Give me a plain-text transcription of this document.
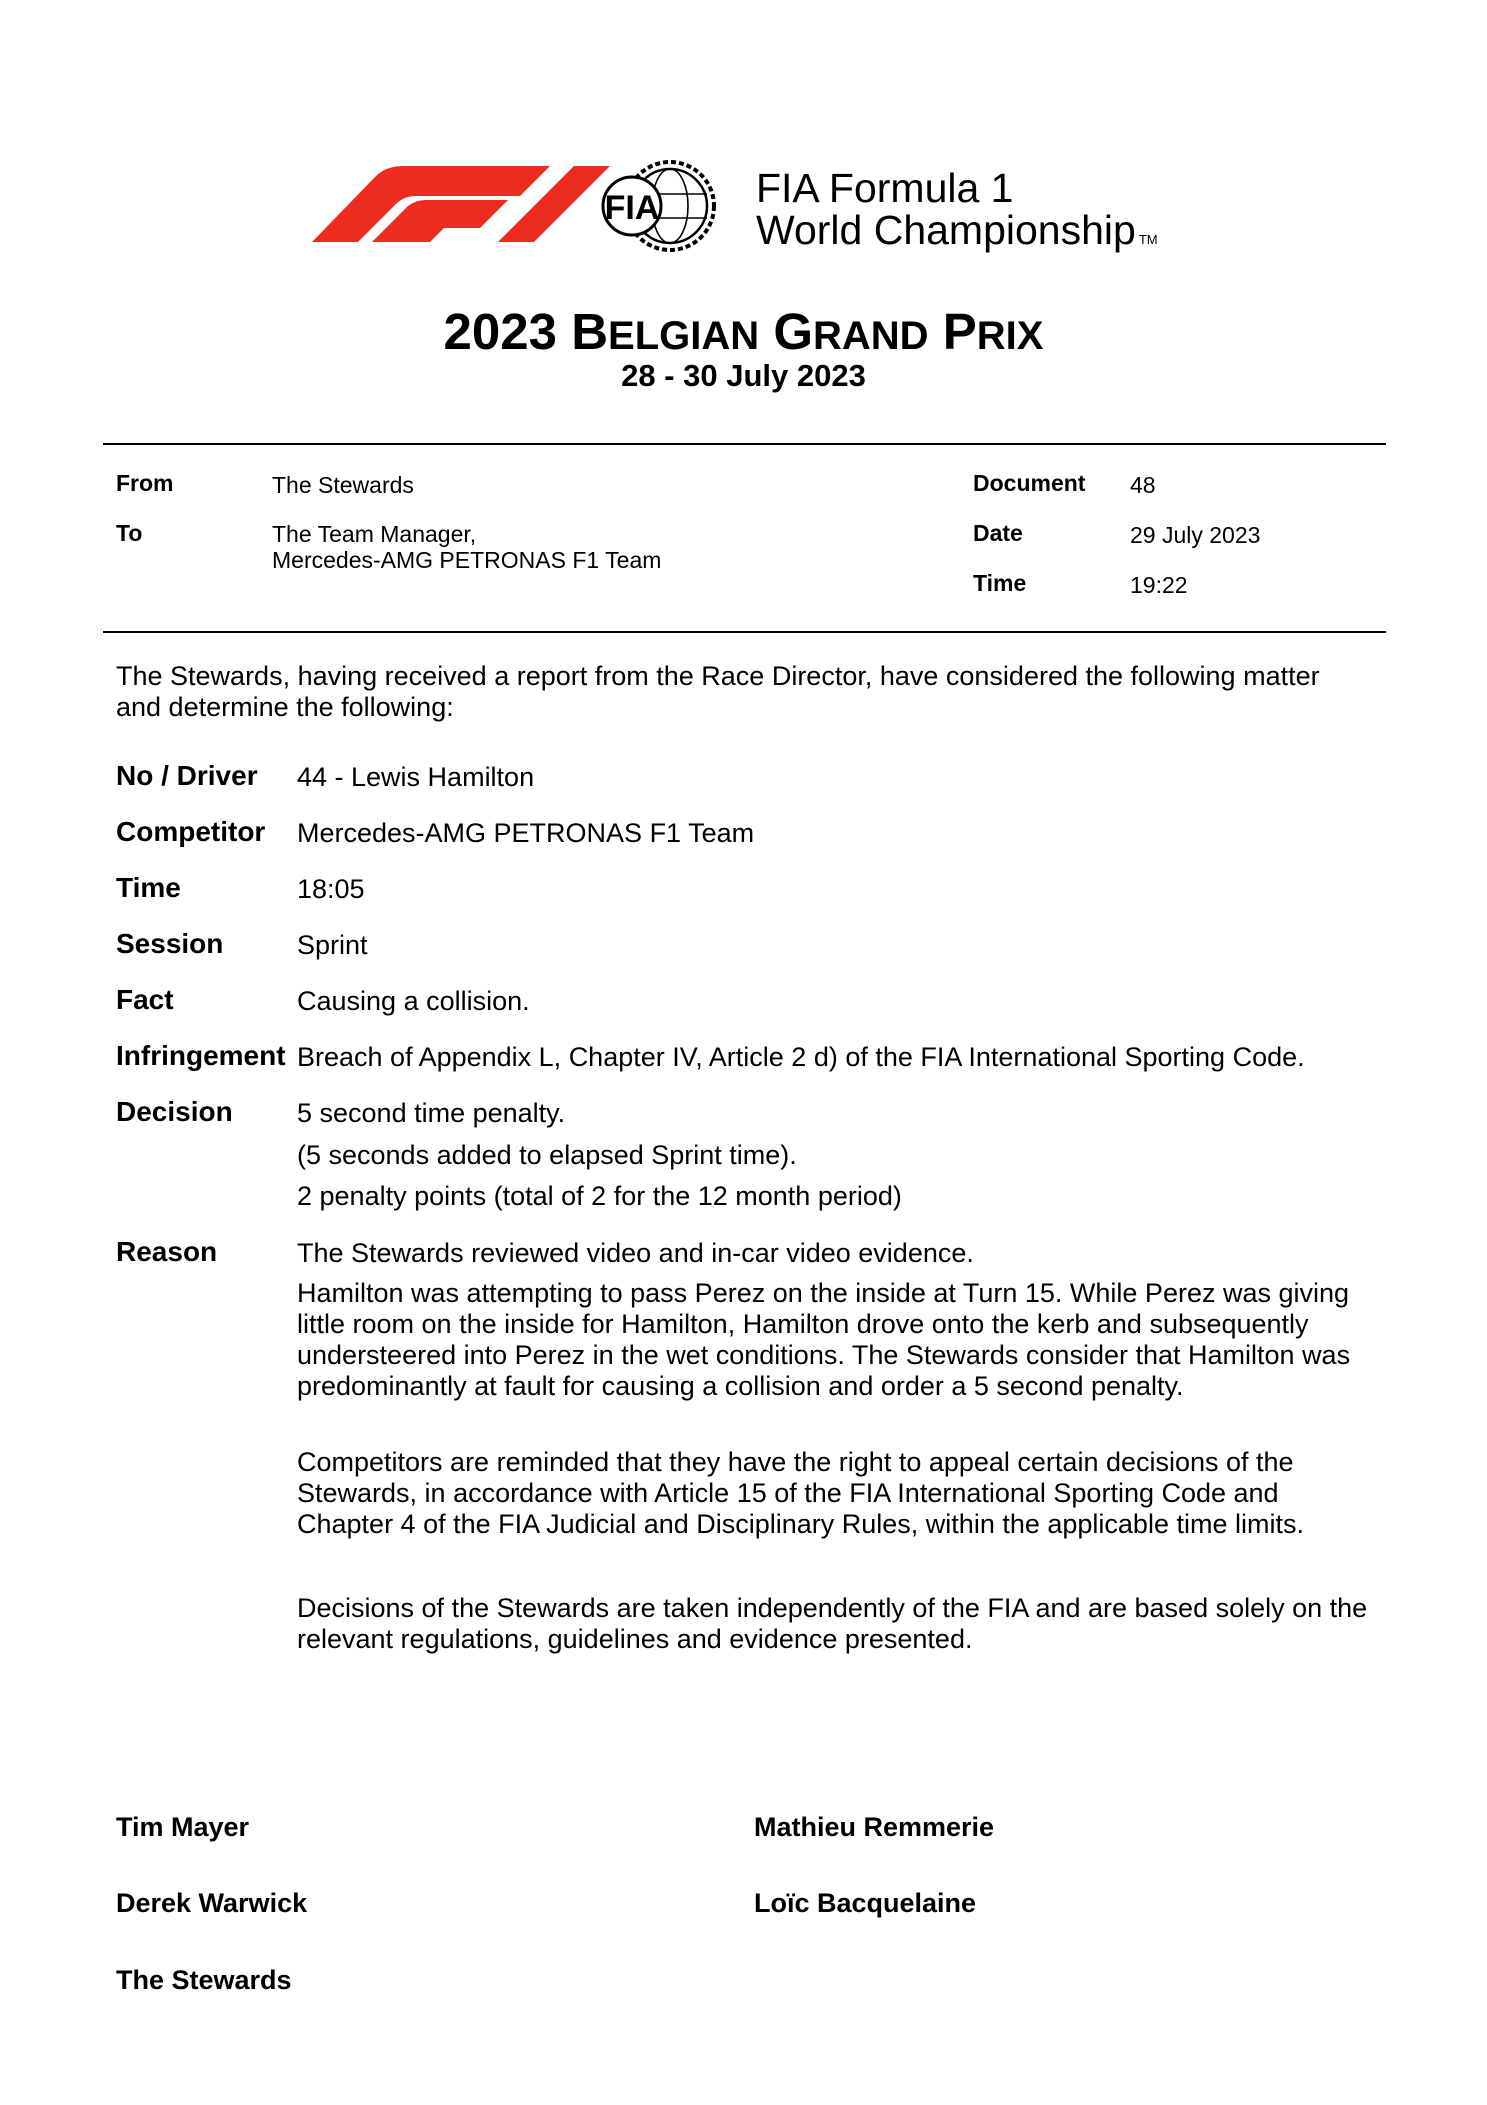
FIA FIA Formula 1
World Championship TM
2023 BELGIAN GRAND PRIX
28 - 30 July 2023
From	The Stewards
To	The Team Manager,
Mercedes-AMG PETRONAS F1 Team
Document 48
Date	29 July 2023
Time	19:22
The Stewards, having received a report from the Race Director, have considered the following matter and determine the following:
No / Driver 44 - Lewis Hamilton
Competitor Mercedes-AMG PETRONAS F1 Team
Time	18:05
Session	Sprint
Fact	Causing a collision.
Infringement Breach of Appendix L, Chapter IV, Article 2 d) of the FIA International Sporting Code.
Decision 5 second time penalty.
(5 seconds added to elapsed Sprint time).
2 penalty points (total of 2 for the 12 month period)
Reason	The Stewards reviewed video and in-car video evidence.
Hamilton was attempting to pass Perez on the inside at Turn 15. While Perez was giving little room on the inside for Hamilton, Hamilton drove onto the kerb and subsequently understeered into Perez in the wet conditions. The Stewards consider that Hamilton was predominantly at fault for causing a collision and order a 5 second penalty.
Competitors are reminded that they have the right to appeal certain decisions of the Stewards, in accordance with Article 15 of the FIA International Sporting Code and Chapter 4 of the FIA Judicial and Disciplinary Rules, within the applicable time limits.
Decisions of the Stewards are taken independently of the FIA and are based solely on the relevant regulations, guidelines and evidence presented.
Tim Mayer	Mathieu Remmerie
Derek Warwick	Loïc Bacquelaine
The Stewards
